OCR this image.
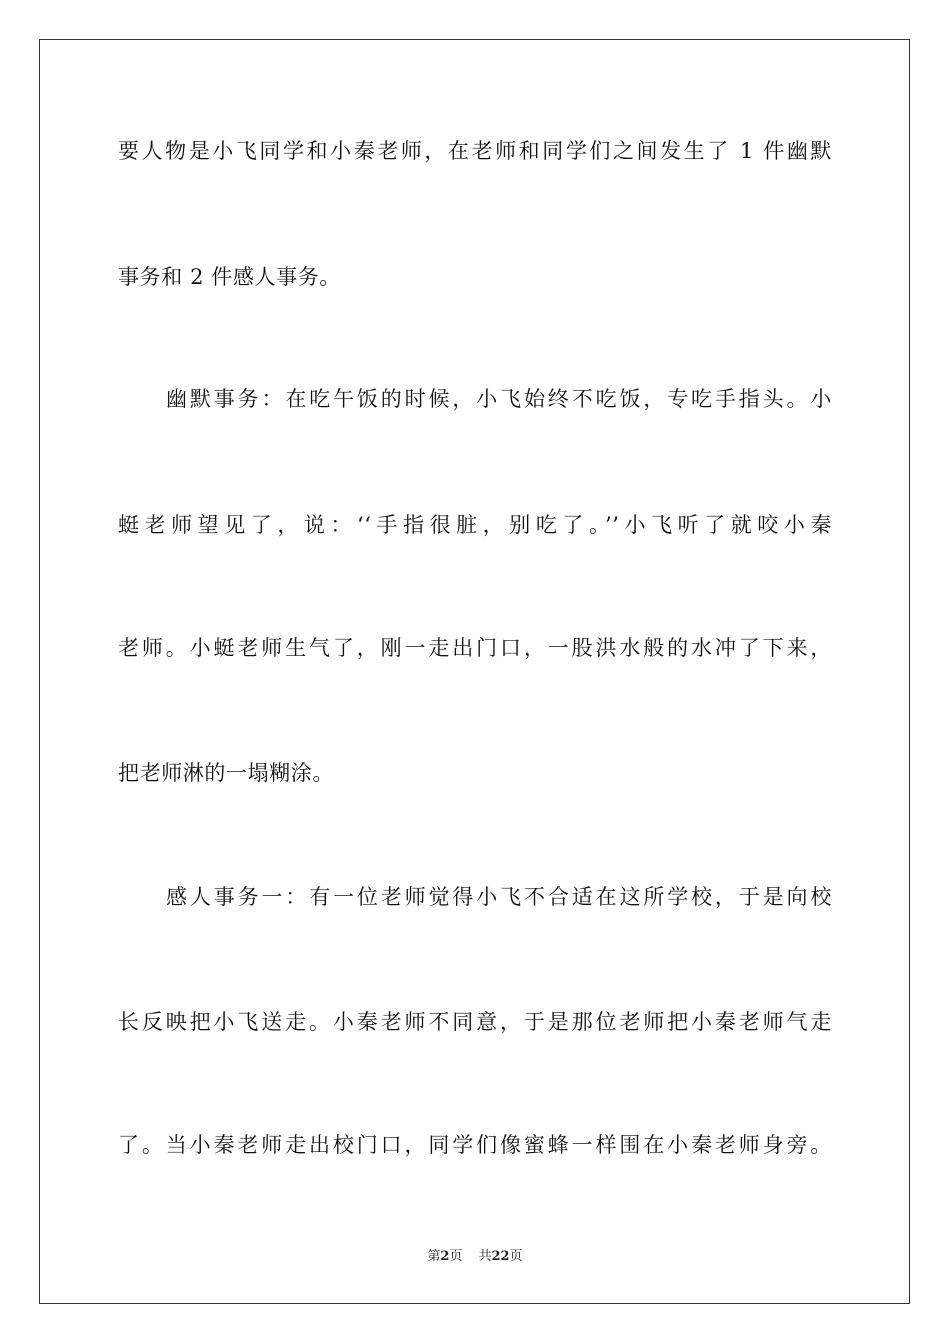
要人物是小飞同学和小秦老师，在老师和同学们之间发生了 1 件幽默
事务和 2 件感人事务。
幽默事务：在吃午饭的时候，小飞始终不吃饭，专吃手指头。小
蜓老师望见了，说：‘‘手指很脏，别吃了。’’小飞听了就咬小秦
老师。小蜓老师生气了，刚一走出门口，一股洪水般的水冲了下来，
把老师淋的一塌糊涂。
感人事务一：有一位老师觉得小飞不合适在这所学校，于是向校
长反映把小飞送走。小秦老师不同意，于是那位老师把小秦老师气走
了。当小秦老师走出校门口，同学们像蜜蜂一样围在小秦老师身旁。
第2页 共22页
